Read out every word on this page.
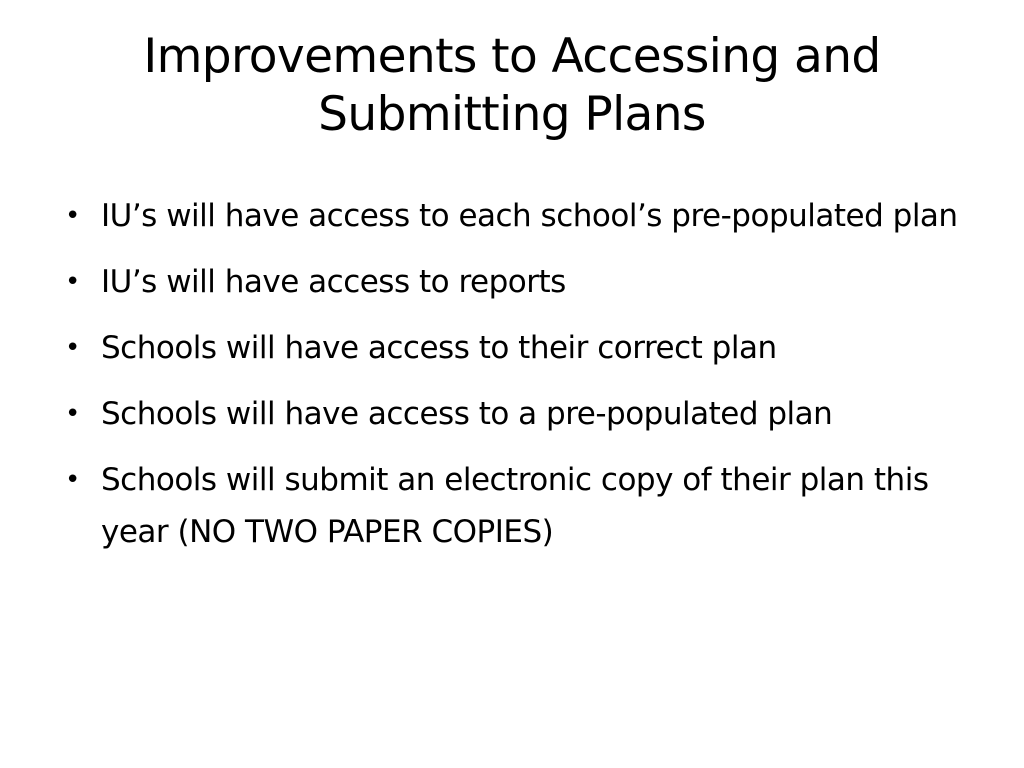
Improvements to Accessing and Submitting Plans
• IU’s will have access to each school’s pre-populated plan
• IU’s will have access to reports
• Schools will have access to their correct plan
• Schools will have access to a pre-populated plan
• Schools will submit an electronic copy of their plan this year (NO TWO PAPER COPIES)
